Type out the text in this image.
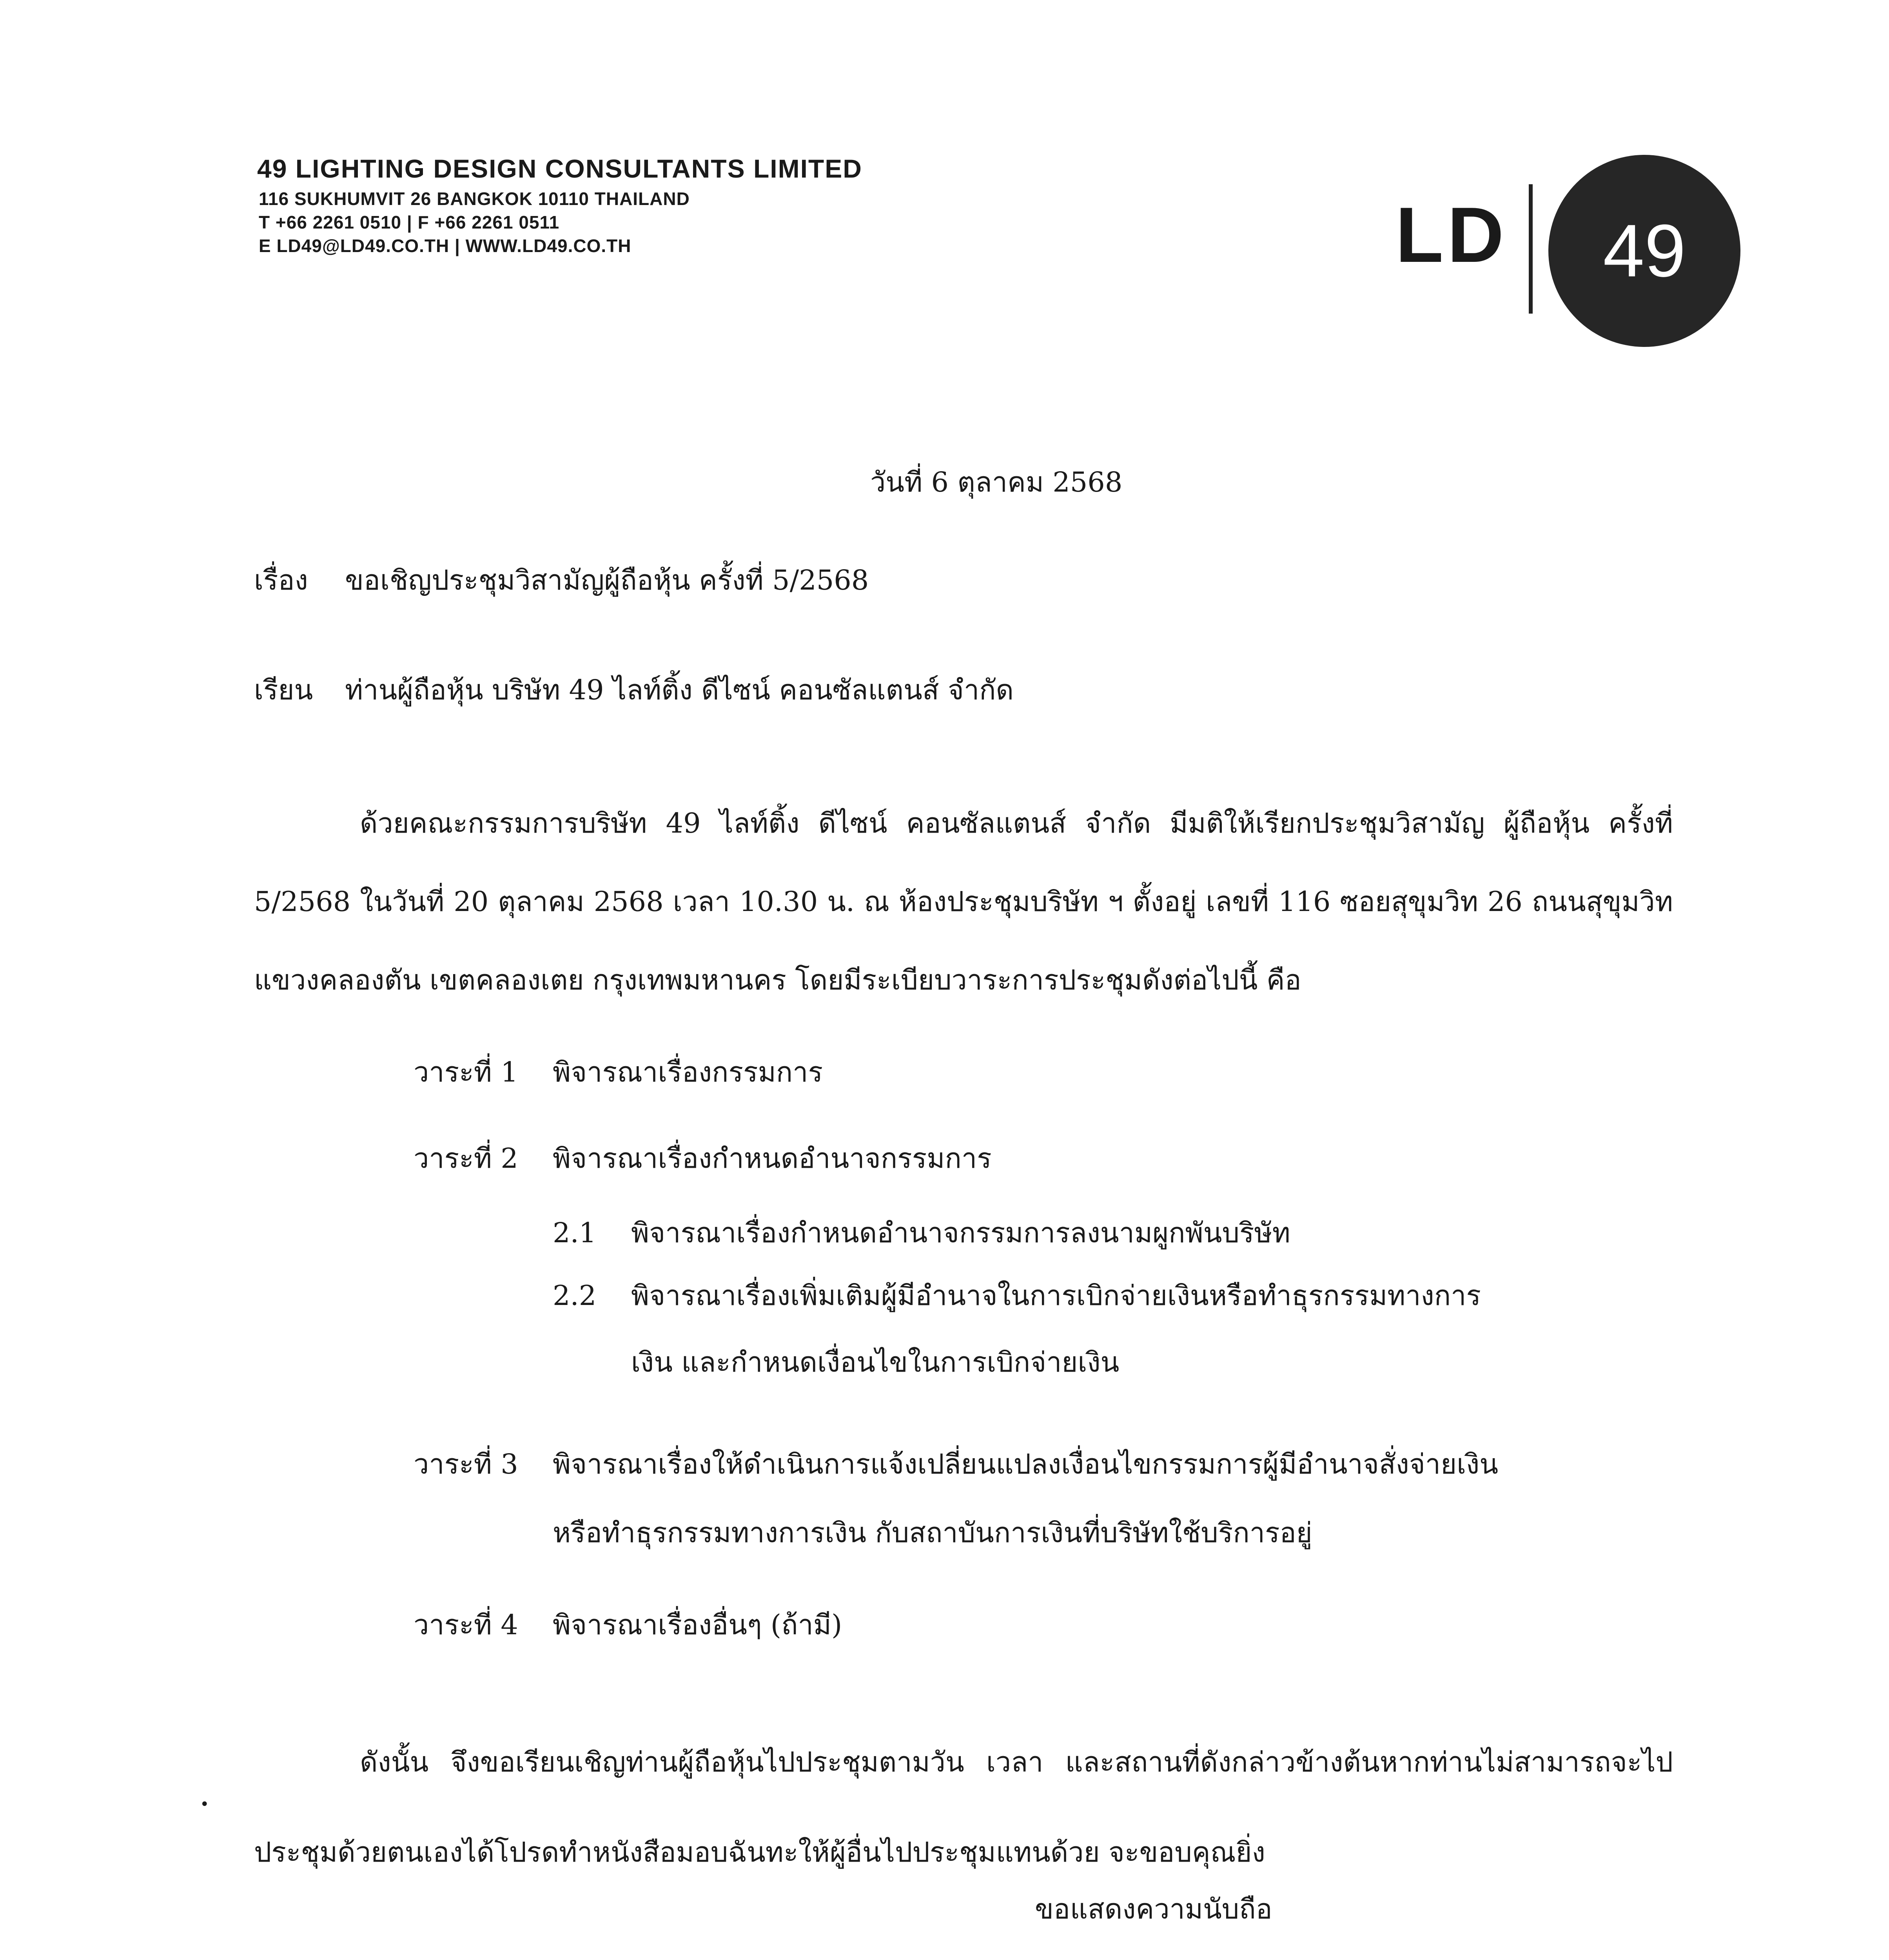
49 LIGHTING DESIGN CONSULTANTS LIMITED
116 SUKHUMVIT 26 BANGKOK 10110 THAILAND
T +66 2261 0510 | F +66 2261 0511
E LD49@LD49.CO.TH | WWW.LD49.CO.TH	LD 49
วันที่ 6 ตุลาคม 2568
เรื่อง ขอเชิญประชุมวิสามัญผู้ถือหุ้น ครั้งที่ 5/2568
เรียน ท่านผู้ถือหุ้น บริษัท 49 ไลท์ติ้ง ดีไซน์ คอนซัลแตนส์ จำกัด
ด้วยคณะกรรมการบริษัท 49 ไลท์ติ้ง ดีไซน์ คอนซัลแตนส์ จำกัด มีมติให้เรียกประชุมวิสามัญ ผู้ถือหุ้น ครั้งที่ 5/2568 ในวันที่ 20 ตุลาคม 2568 เวลา 10.30 น. ณ ห้องประชุมบริษัท ฯ ตั้งอยู่ เลขที่ 116 ซอยสุขุมวิท 26 ถนนสุขุมวิท แขวงคลองตัน เขตคลองเตย กรุงเทพมหานคร โดยมีระเบียบวาระการประชุมดังต่อไปนี้ คือ
วาระที่ 1 พิจารณาเรื่องกรรมการ
วาระที่ 2 พิจารณาเรื่องกำหนดอำนาจกรรมการ
2.1 พิจารณาเรื่องกำหนดอำนาจกรรมการลงนามผูกพันบริษัท
2.2 พิจารณาเรื่องเพิ่มเติมผู้มีอำนาจในการเบิกจ่ายเงินหรือทำธุรกรรมทางการ
เงิน และกำหนดเงื่อนไขในการเบิกจ่ายเงิน
วาระที่ 3 พิจารณาเรื่องให้ดำเนินการแจ้งเปลี่ยนแปลงเงื่อนไขกรรมการผู้มีอำนาจสั่งจ่ายเงิน
หรือทำธุรกรรมทางการเงิน กับสถาบันการเงินที่บริษัทใช้บริการอยู่
วาระที่ 4 พิจารณาเรื่องอื่นๆ (ถ้ามี)
ดังนั้น จึงขอเรียนเชิญท่านผู้ถือหุ้นไปประชุมตามวัน เวลา และสถานที่ดังกล่าวข้างต้นหากท่านไม่สามารถจะไปประชุมด้วยตนเองได้โปรดทำหนังสือมอบฉันทะให้ผู้อื่นไปประชุมแทนด้วย จะขอบคุณยิ่ง
•
ขอแสดงความนับถือ
